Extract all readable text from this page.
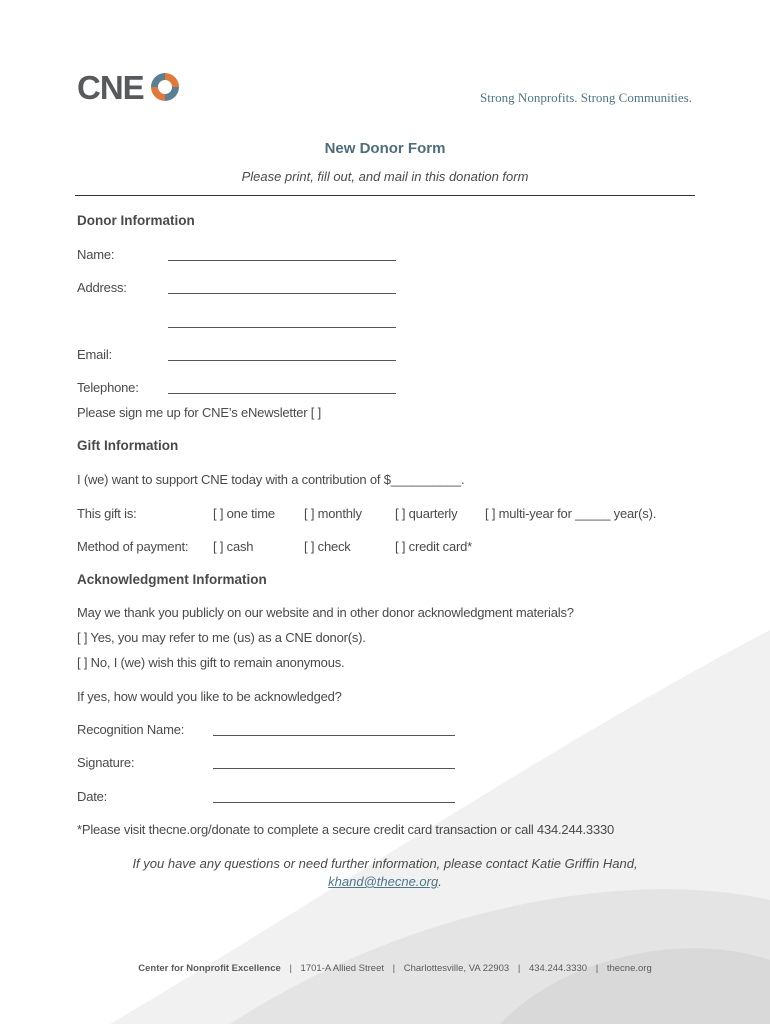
CNE	Strong Nonprofits. Strong Communities.
New Donor Form
Please print, fill out, and mail in this donation form
Donor Information
Name:
Address:
Email:
Telephone:
Please sign me up for CNE’s eNewsletter [ ]
Gift Information
I (we) want to support CNE today with a contribution of $__________.
This gift is:	[ ] one time [ ] monthly	[ ] quarterly [ ] multi-year for _____ year(s).
Method of payment: [ ] cash	[ ] check	[ ] credit card*
Acknowledgment Information
May we thank you publicly on our website and in other donor acknowledgment materials?
[ ] Yes, you may refer to me (us) as a CNE donor(s).
[ ] No, I (we) wish this gift to remain anonymous.
If yes, how would you like to be acknowledged?
Recognition Name:
Signature:
Date:
*Please visit thecne.org/donate to complete a secure credit card transaction or call 434.244.3330
If you have any questions or need further information, please contact Katie Griffin Hand,
khand@thecne.org.
Center for Nonprofit Excellence | 1701-A Allied Street | Charlottesville, VA 22903 | 434.244.3330 | thecne.org
